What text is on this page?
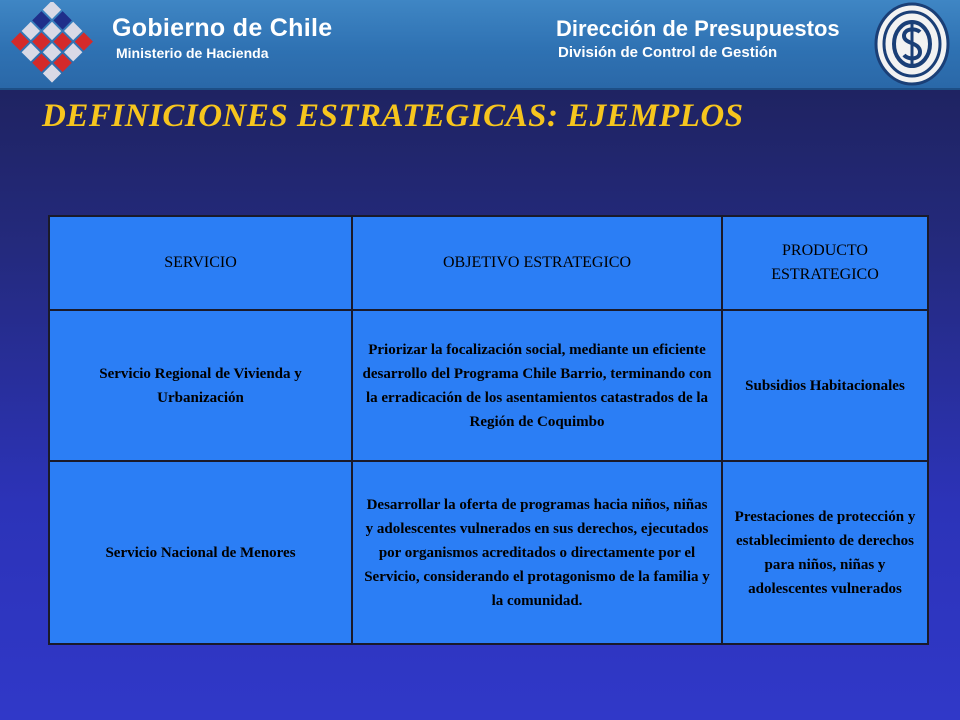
Gobierno de Chile
Ministerio de Hacienda
Dirección de Presupuestos
División de Control de Gestión
DEFINICIONES ESTRATEGICAS: EJEMPLOS
SERVICIO	OBJETIVO ESTRATEGICO	PRODUCTO ESTRATEGICO
Servicio Regional de Vivienda y Urbanización	Priorizar la focalización social, mediante un eficiente desarrollo del Programa Chile Barrio, terminando con la erradicación de los asentamientos catastrados de la Región de Coquimbo	Subsidios Habitacionales
Servicio Nacional de Menores	Desarrollar la oferta de programas hacia niños, niñas y adolescentes vulnerados en sus derechos, ejecutados por organismos acreditados o directamente por el Servicio, considerando el protagonismo de la familia y la comunidad.	Prestaciones de protección y establecimiento de derechos para niños, niñas y adolescentes vulnerados
